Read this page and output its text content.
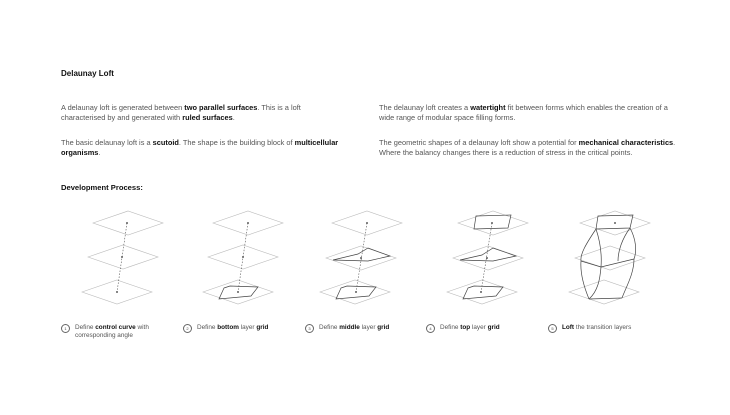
Delaunay Loft
A delaunay loft is generated between two parallel surfaces. This is a loft characterised by and generated with ruled surfaces.
The basic delaunay loft is a scutoid. The shape is the building block of multicellular organisms.
The delaunay loft creates a watertight fit between forms which enables the creation of a wide range of modular space filling forms.
The geometric shapes of a delaunay loft show a potential for mechanical characteristics. Where the balancy changes there is a reduction of stress in the critical points.
Development Process:
1	Define control curve with corresponding angle
2	Define bottom layer grid	3	Define middle layer grid	4	Define top layer grid	5	Loft the transition layers
